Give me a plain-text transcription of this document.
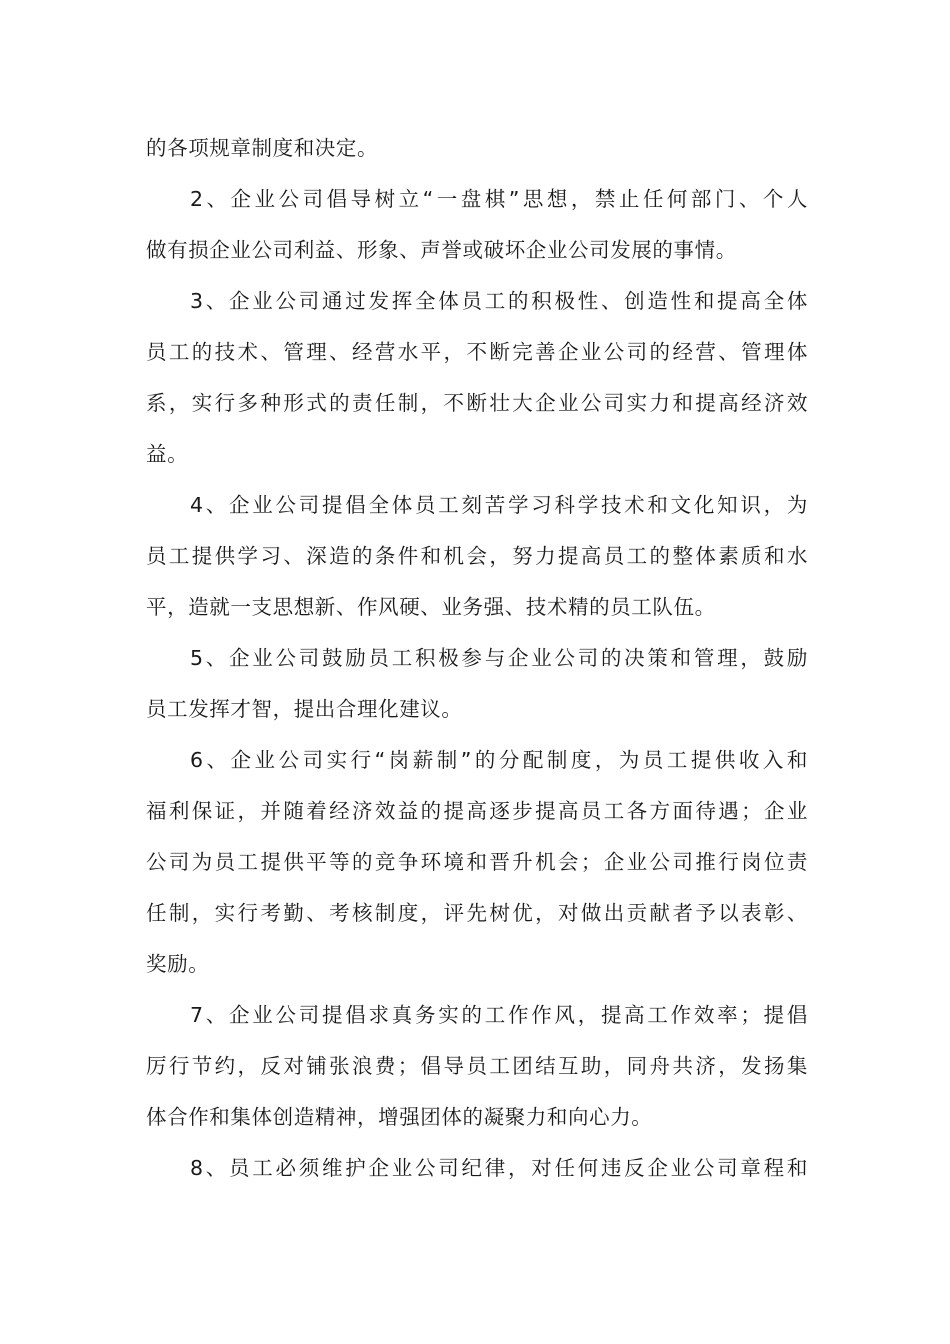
的各项规章制度和决定。
2、企业公司倡导树立“一盘棋”思想，禁止任何部门、个人
做有损企业公司利益、形象、声誉或破坏企业公司发展的事情。
3、企业公司通过发挥全体员工的积极性、创造性和提高全体
员工的技术、管理、经营水平，不断完善企业公司的经营、管理体
系，实行多种形式的责任制，不断壮大企业公司实力和提高经济效
益。
4、企业公司提倡全体员工刻苦学习科学技术和文化知识，为
员工提供学习、深造的条件和机会，努力提高员工的整体素质和水
平，造就一支思想新、作风硬、业务强、技术精的员工队伍。
5、企业公司鼓励员工积极参与企业公司的决策和管理，鼓励
员工发挥才智，提出合理化建议。
6、企业公司实行“岗薪制”的分配制度，为员工提供收入和
福利保证，并随着经济效益的提高逐步提高员工各方面待遇；企业
公司为员工提供平等的竞争环境和晋升机会；企业公司推行岗位责
任制，实行考勤、考核制度，评先树优，对做出贡献者予以表彰、
奖励。
7、企业公司提倡求真务实的工作作风，提高工作效率；提倡
厉行节约，反对铺张浪费；倡导员工团结互助，同舟共济，发扬集
体合作和集体创造精神，增强团体的凝聚力和向心力。
8、员工必须维护企业公司纪律，对任何违反企业公司章程和
